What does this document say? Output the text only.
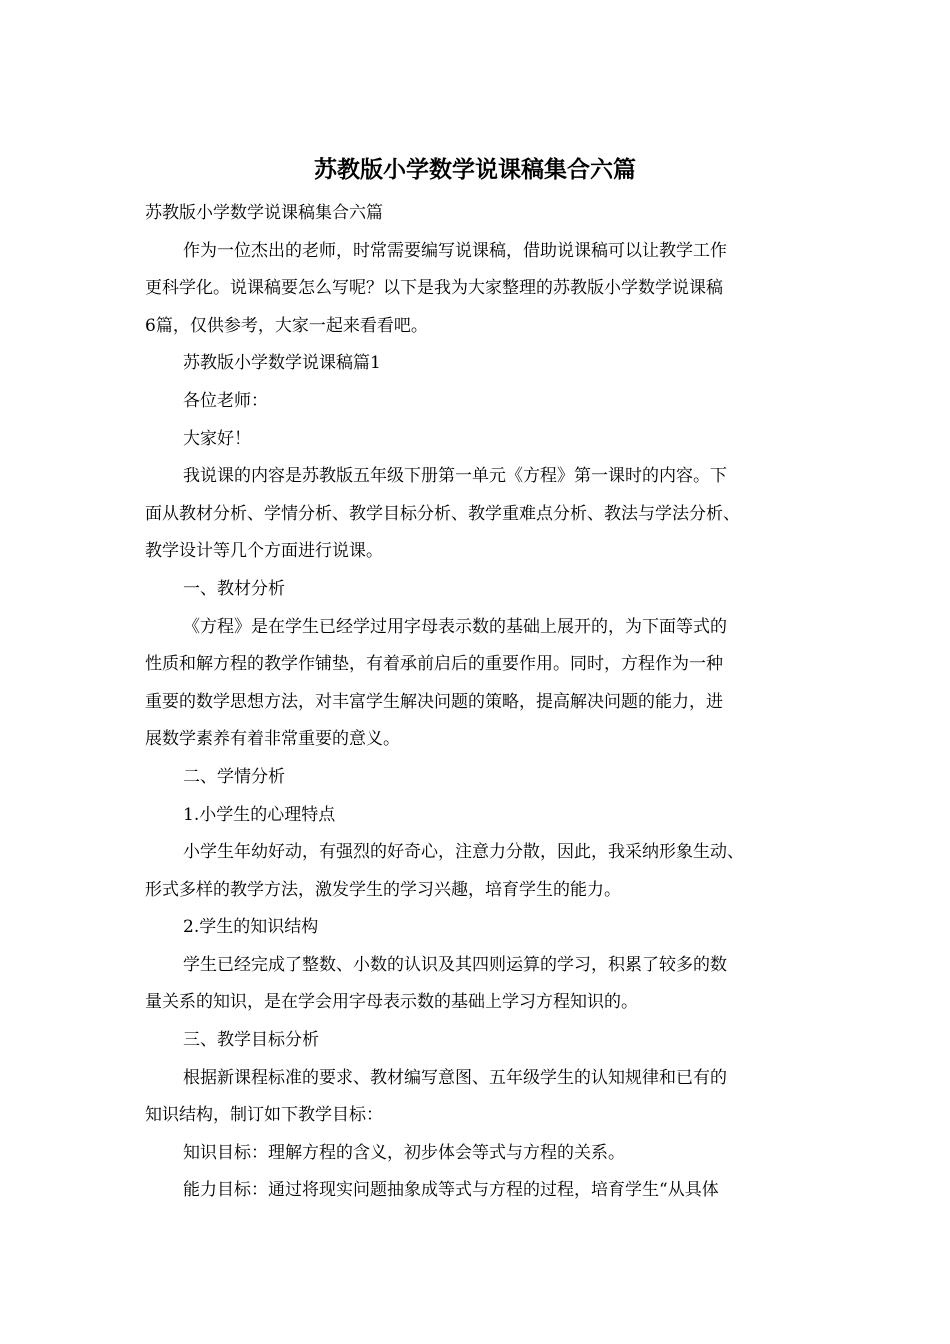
苏教版小学数学说课稿集合六篇

苏教版小学数学说课稿集合六篇

作为一位杰出的老师，时常需要编写说课稿，借助说课稿可以让教学工作

更科学化。说课稿要怎么写呢？以下是我为大家整理的苏教版小学数学说课稿

6篇，仅供参考，大家一起来看看吧。

苏教版小学数学说课稿篇1

各位老师：

大家好！

我说课的内容是苏教版五年级下册第一单元《方程》第一课时的内容。下

面从教材分析、学情分析、教学目标分析、教学重难点分析、教法与学法分析、

教学设计等几个方面进行说课。

一、教材分析

《方程》是在学生已经学过用字母表示数的基础上展开的，为下面等式的

性质和解方程的教学作铺垫，有着承前启后的重要作用。同时，方程作为一种

重要的数学思想方法，对丰富学生解决问题的策略，提高解决问题的能力，进

展数学素养有着非常重要的意义。

二、学情分析

1.小学生的心理特点

小学生年幼好动，有强烈的好奇心，注意力分散，因此，我采纳形象生动、

形式多样的教学方法，激发学生的学习兴趣，培育学生的能力。

2.学生的知识结构

学生已经完成了整数、小数的认识及其四则运算的学习，积累了较多的数

量关系的知识，是在学会用字母表示数的基础上学习方程知识的。

三、教学目标分析

根据新课程标准的要求、教材编写意图、五年级学生的认知规律和已有的

知识结构，制订如下教学目标：

知识目标：理解方程的含义，初步体会等式与方程的关系。

能力目标：通过将现实问题抽象成等式与方程的过程，培育学生“从具体
